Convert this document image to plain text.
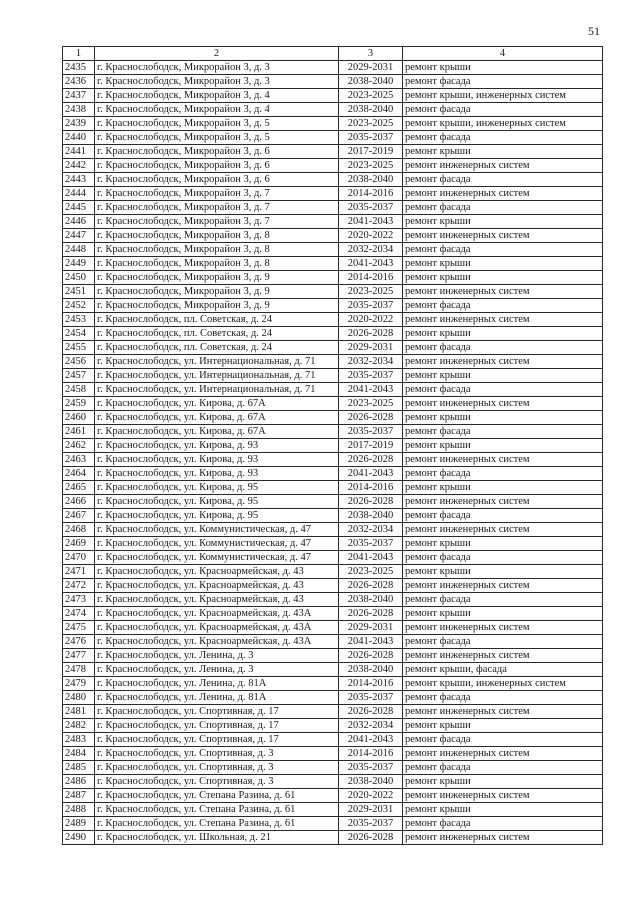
51
1	2	3	4
2435	г. Краснослободск, Микрорайон 3, д. 3	2029-2031	ремонт крыши
2436	г. Краснослободск, Микрорайон 3, д. 3	2038-2040	ремонт фасада
2437	г. Краснослободск, Микрорайон 3, д. 4	2023-2025	ремонт крыши, инженерных систем
2438	г. Краснослободск, Микрорайон 3, д. 4	2038-2040	ремонт фасада
2439	г. Краснослободск, Микрорайон 3, д. 5	2023-2025	ремонт крыши, инженерных систем
2440	г. Краснослободск, Микрорайон 3, д. 5	2035-2037	ремонт фасада
2441	г. Краснослободск, Микрорайон 3, д. 6	2017-2019	ремонт крыши
2442	г. Краснослободск, Микрорайон 3, д. 6	2023-2025	ремонт инженерных систем
2443	г. Краснослободск, Микрорайон 3, д. 6	2038-2040	ремонт фасада
2444	г. Краснослободск, Микрорайон 3, д. 7	2014-2016	ремонт инженерных систем
2445	г. Краснослободск, Микрорайон 3, д. 7	2035-2037	ремонт фасада
2446	г. Краснослободск, Микрорайон 3, д. 7	2041-2043	ремонт крыши
2447	г. Краснослободск, Микрорайон 3, д. 8	2020-2022	ремонт инженерных систем
2448	г. Краснослободск, Микрорайон 3, д. 8	2032-2034	ремонт фасада
2449	г. Краснослободск, Микрорайон 3, д. 8	2041-2043	ремонт крыши
2450	г. Краснослободск, Микрорайон 3, д. 9	2014-2016	ремонт крыши
2451	г. Краснослободск, Микрорайон 3, д. 9	2023-2025	ремонт инженерных систем
2452	г. Краснослободск, Микрорайон 3, д. 9	2035-2037	ремонт фасада
2453	г. Краснослободск, пл. Советская, д. 24	2020-2022	ремонт инженерных систем
2454	г. Краснослободск, пл. Советская, д. 24	2026-2028	ремонт крыши
2455	г. Краснослободск, пл. Советская, д. 24	2029-2031	ремонт фасада
2456	г. Краснослободск, ул. Интернациональная, д. 71	2032-2034	ремонт инженерных систем
2457	г. Краснослободск, ул. Интернациональная, д. 71	2035-2037	ремонт крыши
2458	г. Краснослободск, ул. Интернациональная, д. 71	2041-2043	ремонт фасада
2459	г. Краснослободск, ул. Кирова, д. 67А	2023-2025	ремонт инженерных систем
2460	г. Краснослободск, ул. Кирова, д. 67А	2026-2028	ремонт крыши
2461	г. Краснослободск, ул. Кирова, д. 67А	2035-2037	ремонт фасада
2462	г. Краснослободск, ул. Кирова, д. 93	2017-2019	ремонт крыши
2463	г. Краснослободск, ул. Кирова, д. 93	2026-2028	ремонт инженерных систем
2464	г. Краснослободск, ул. Кирова, д. 93	2041-2043	ремонт фасада
2465	г. Краснослободск, ул. Кирова, д. 95	2014-2016	ремонт крыши
2466	г. Краснослободск, ул. Кирова, д. 95	2026-2028	ремонт инженерных систем
2467	г. Краснослободск, ул. Кирова, д. 95	2038-2040	ремонт фасада
2468	г. Краснослободск, ул. Коммунистическая, д. 47	2032-2034	ремонт инженерных систем
2469	г. Краснослободск, ул. Коммунистическая, д. 47	2035-2037	ремонт крыши
2470	г. Краснослободск, ул. Коммунистическая, д. 47	2041-2043	ремонт фасада
2471	г. Краснослободск, ул. Красноармейская, д. 43	2023-2025	ремонт крыши
2472	г. Краснослободск, ул. Красноармейская, д. 43	2026-2028	ремонт инженерных систем
2473	г. Краснослободск, ул. Красноармейская, д. 43	2038-2040	ремонт фасада
2474	г. Краснослободск, ул. Красноармейская, д. 43А	2026-2028	ремонт крыши
2475	г. Краснослободск, ул. Красноармейская, д. 43А	2029-2031	ремонт инженерных систем
2476	г. Краснослободск, ул. Красноармейская, д. 43А	2041-2043	ремонт фасада
2477	г. Краснослободск, ул. Ленина, д. 3	2026-2028	ремонт инженерных систем
2478	г. Краснослободск, ул. Ленина, д. 3	2038-2040	ремонт крыши, фасада
2479	г. Краснослободск, ул. Ленина, д. 81А	2014-2016	ремонт крыши, инженерных систем
2480	г. Краснослободск, ул. Ленина, д. 81А	2035-2037	ремонт фасада
2481	г. Краснослободск, ул. Спортивная, д. 17	2026-2028	ремонт инженерных систем
2482	г. Краснослободск, ул. Спортивная, д. 17	2032-2034	ремонт крыши
2483	г. Краснослободск, ул. Спортивная, д. 17	2041-2043	ремонт фасада
2484	г. Краснослободск, ул. Спортивная, д. 3	2014-2016	ремонт инженерных систем
2485	г. Краснослободск, ул. Спортивная, д. 3	2035-2037	ремонт фасада
2486	г. Краснослободск, ул. Спортивная, д. 3	2038-2040	ремонт крыши
2487	г. Краснослободск, ул. Степана Разина, д. 61	2020-2022	ремонт инженерных систем
2488	г. Краснослободск, ул. Степана Разина, д. 61	2029-2031	ремонт крыши
2489	г. Краснослободск, ул. Степана Разина, д. 61	2035-2037	ремонт фасада
2490	г. Краснослободск, ул. Школьная, д. 21	2026-2028	ремонт инженерных систем
